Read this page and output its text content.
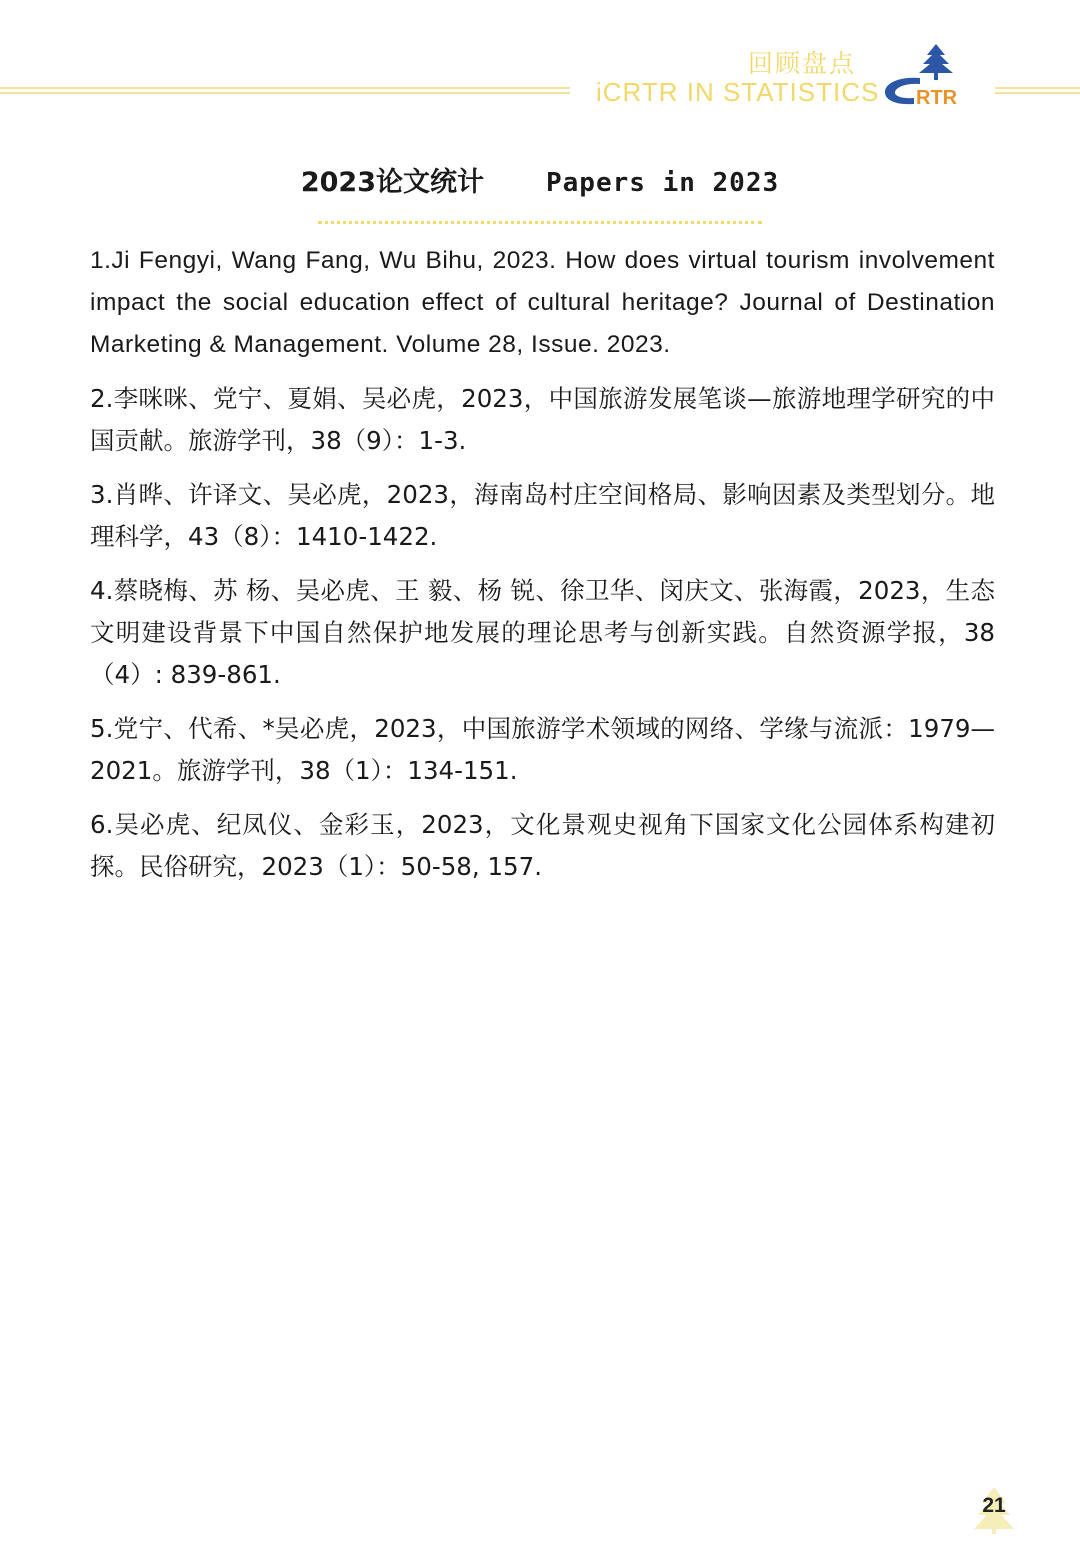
回顾盘点
iCRTR IN STATISTICS RTR
2023论文统计 Papers in 2023

1.Ji Fengyi, Wang Fang, Wu Bihu, 2023. How does virtual tourism involvement impact the social education effect of cultural heritage? Journal of Destination Marketing & Management. Volume 28, Issue. 2023.

2.李咪咪、党宁、夏娟、吴必虎，2023，中国旅游发展笔谈—旅游地理学研究的中国贡献。旅游学刊，38（9）：1-3.

3.肖晔、许译文、吴必虎，2023，海南岛村庄空间格局、影响因素及类型划分。地理科学，43（8）：1410-1422.

4.蔡晓梅、苏 杨、吴必虎、王 毅、杨 锐、徐卫华、闵庆文、张海霞，2023，生态文明建设背景下中国自然保护地发展的理论思考与创新实践。自然资源学报，38（4）: 839-861.

5.党宁、代希、*吴必虎，2023，中国旅游学术领域的网络、学缘与流派：1979—2021。旅游学刊，38（1）：134-151.

6.吴必虎、纪凤仪、金彩玉，2023，文化景观史视角下国家文化公园体系构建初探。民俗研究，2023（1）：50-58, 157.

21
